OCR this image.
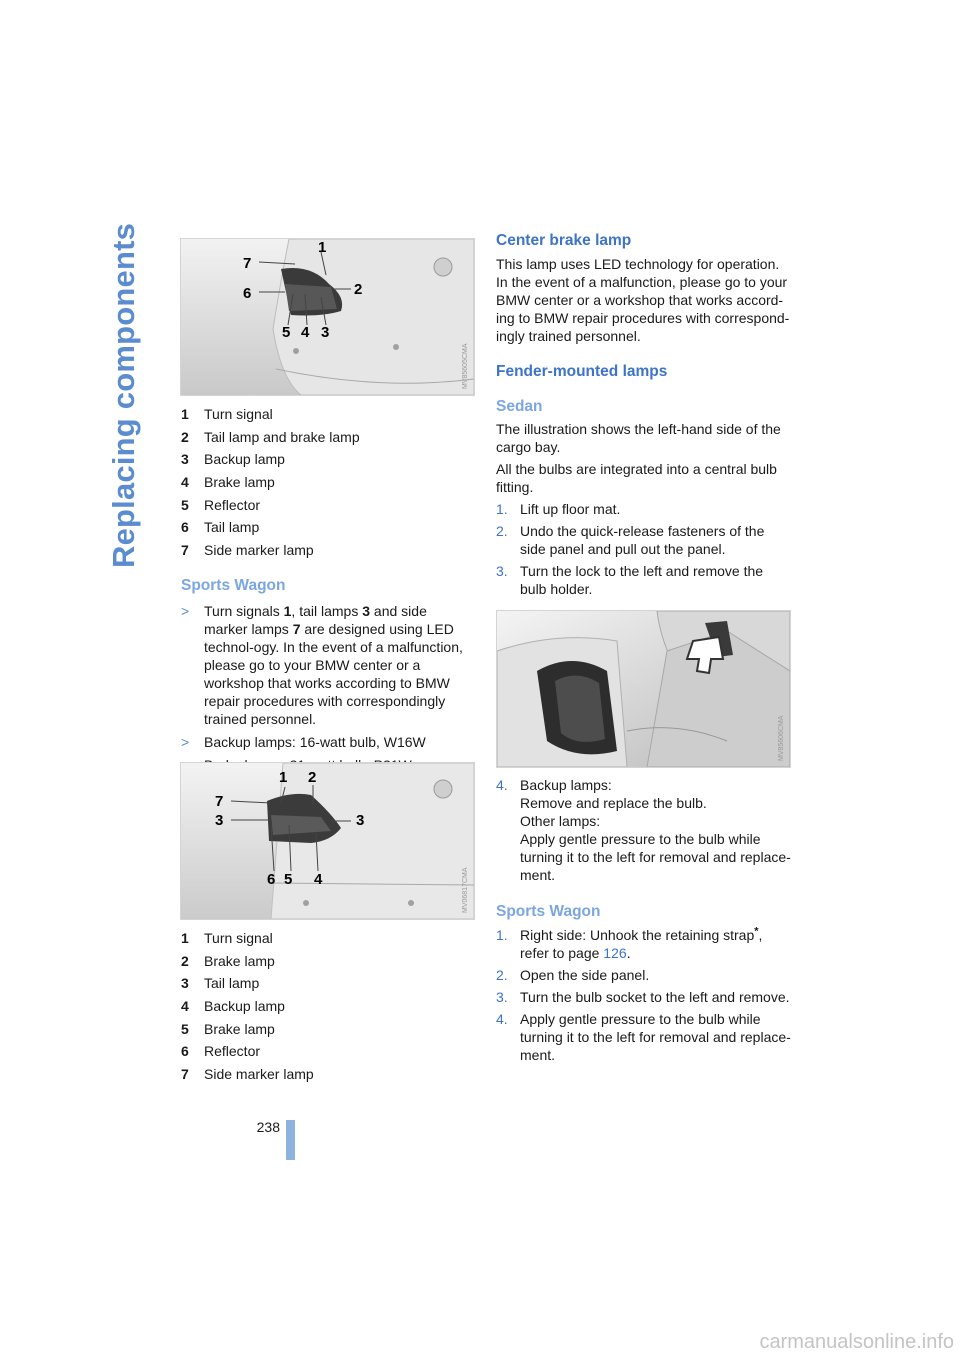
Replacing components	7
1
6	2
5 4 3
MV85605CMA
1 Turn signal
2 Tail lamp and brake lamp
3 Backup lamp
4 Brake lamp
5 Reflector
6 Tail lamp
7 Side marker lamp
Sports Wagon
> Turn signals 1, tail lamps 3 and side marker lamps 7 are designed using LED technol-ogy. In the event of a malfunction, please go to your BMW center or a workshop that works according to BMW repair procedures with correspondingly trained personnel.
> Backup lamps: 16-watt bulb, W16W
1 2
7
3	3
6 5 4	MV06817CMA
1 Turn signal
2 Brake lamp
3 Tail lamp
4 Backup lamp
5 Brake lamp
6 Reflector
7 Side marker lamp
Center brake lamp

This lamp uses LED technology for operation. In the event of a malfunction, please go to your BMW center or a workshop that works accord-ing to BMW repair procedures with correspond-ingly trained personnel.

Fender-mounted lamps
Sedan

The illustration shows the left-hand side of the cargo bay.

All the bulbs are integrated into a central bulb fitting.

1. Lift up floor mat.
2. Undo the quick-release fasteners of the side panel and pull out the panel.
3. Turn the lock to the left and remove the bulb holder.
MV85606CMA
4. Backup lamps:
Remove and replace the bulb.
Other lamps:
Apply gentle pressure to the bulb while turning it to the left for removal and replace-ment.
Sports Wagon
1. Right side: Unhook the retaining strap*, refer to page 126.
2. Open the side panel.
3. Turn the bulb socket to the left and remove.
4. Apply gentle pressure to the bulb while turning it to the left for removal and replace-ment.
238
carmanualsonline.info
